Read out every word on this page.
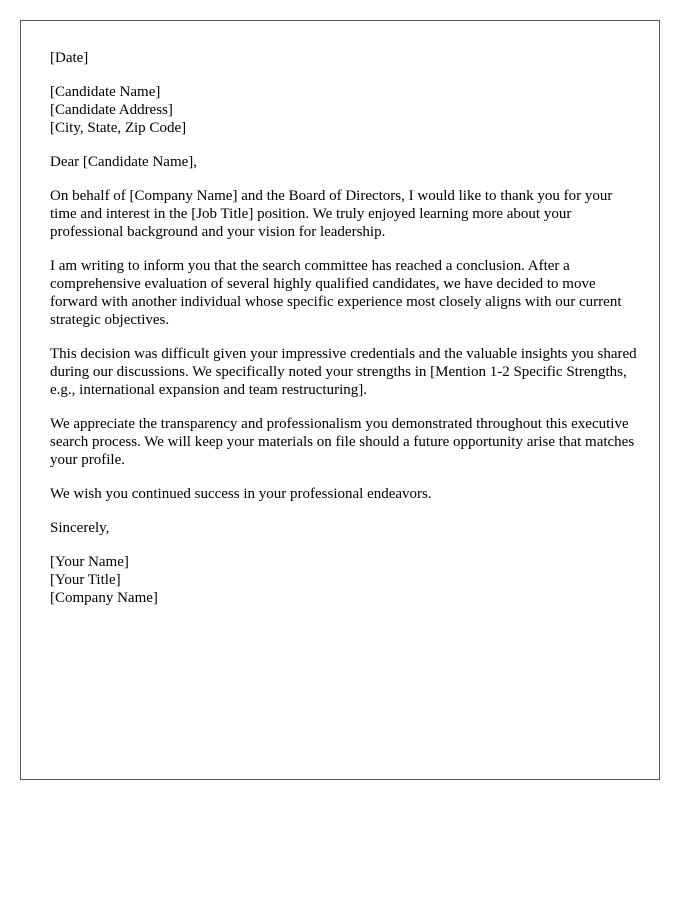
[Date]
[Candidate Name]
[Candidate Address]
[City, State, Zip Code]
Dear [Candidate Name],

On behalf of [Company Name] and the Board of Directors, I would like to thank you for your time and interest in the [Job Title] position. We truly enjoyed learning more about your professional background and your vision for leadership.

I am writing to inform you that the search committee has reached a conclusion. After a comprehensive evaluation of several highly qualified candidates, we have decided to move forward with another individual whose specific experience most closely aligns with our current strategic objectives.

This decision was difficult given your impressive credentials and the valuable insights you shared during our discussions. We specifically noted your strengths in [Mention 1-2 Specific Strengths, e.g., international expansion and team restructuring].

We appreciate the transparency and professionalism you demonstrated throughout this executive search process. We will keep your materials on file should a future opportunity arise that matches your profile.

We wish you continued success in your professional endeavors.

Sincerely,
[Your Name]
[Your Title]
[Company Name]
